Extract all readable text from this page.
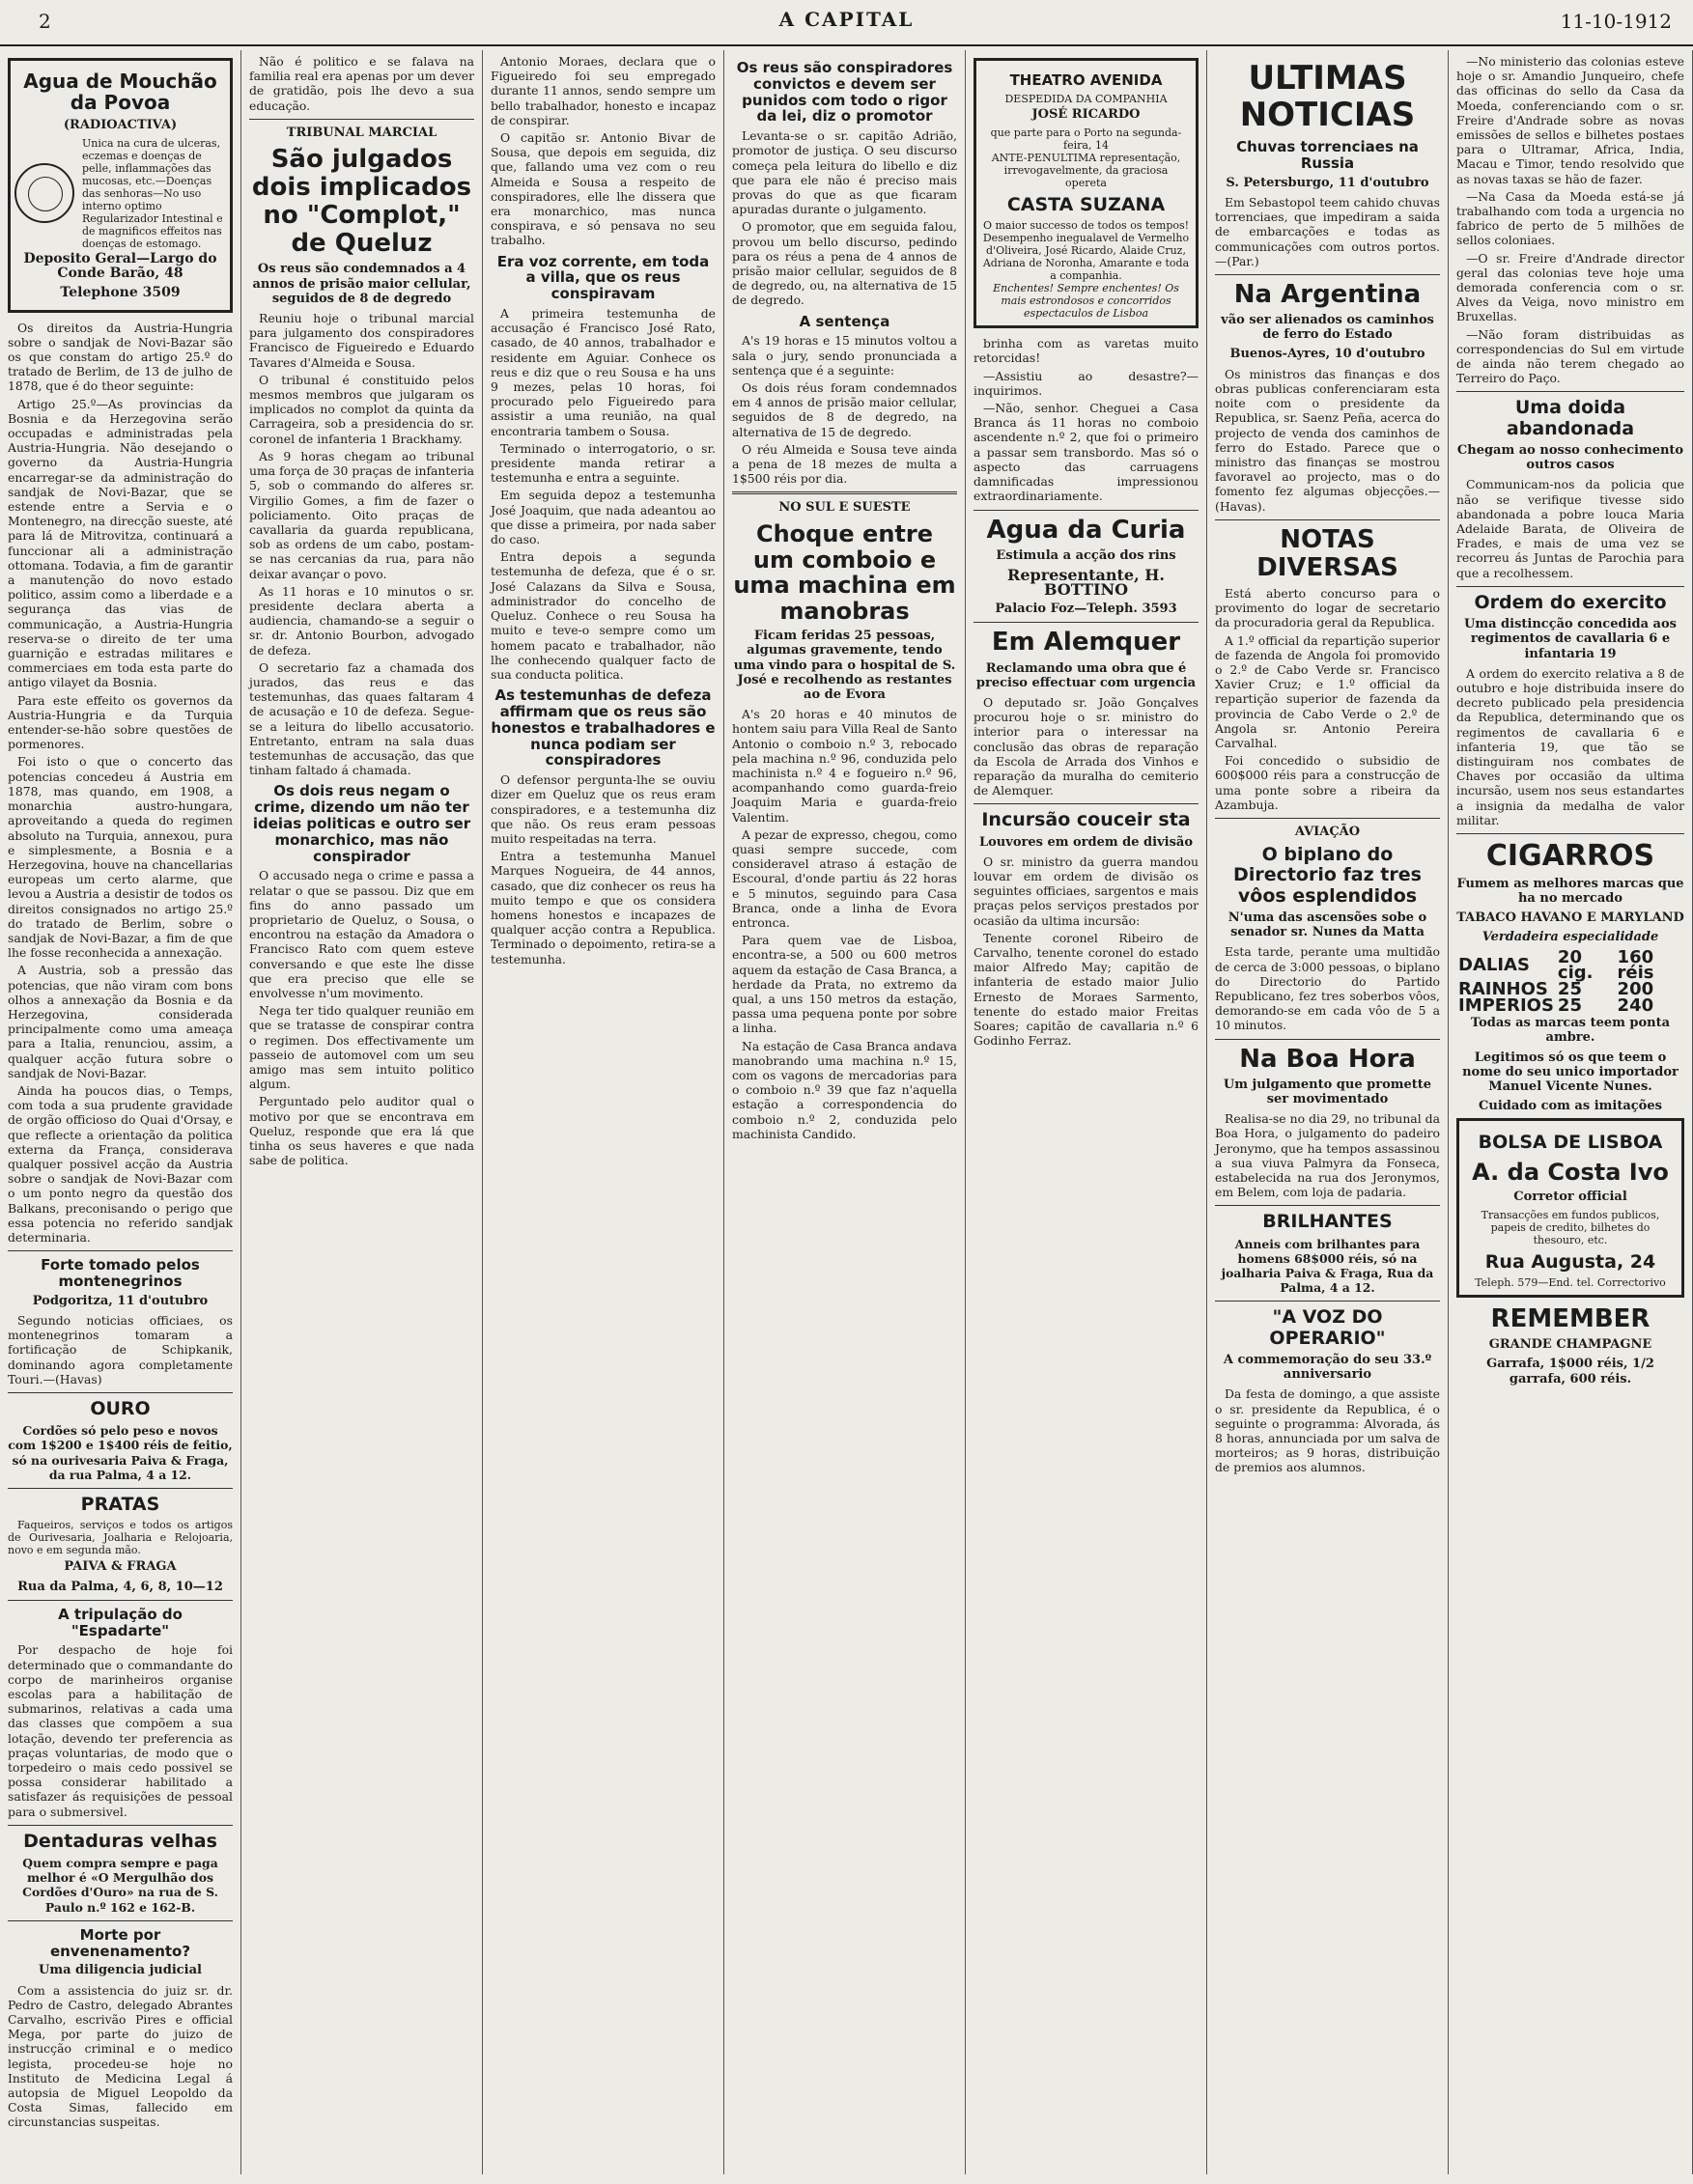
2	A CAPITAL	11-10-1912
Agua de Mouchão da Povoa
(RADIOACTIVA)
Unica na cura de ulceras, eczemas e doenças de pelle, inflammações das mucosas, etc.—Doenças das senhoras—No uso interno optimo Regularizador Intestinal e de magnificos effeitos nas doenças de estomago.
Deposito Geral—Largo do Conde Barão, 48
Telephone 3509

Os direitos da Austria-Hungria sobre o sandjak de Novi-Bazar são os que constam do artigo 25.º do tratado de Berlim, de 13 de julho de 1878, que é do theor seguinte:

Artigo 25.º—As provincias da Bosnia e da Herzegovina serão occupadas e administradas pela Austria-Hungria. Não desejando o governo da Austria-Hungria encarregar-se da administração do sandjak de Novi-Bazar, que se estende entre a Servia e o Montenegro, na direcção sueste, até para lá de Mitrovitza, continuará a funccionar ali a administração ottomana. Todavia, a fim de garantir a manutenção do novo estado politico, assim como a liberdade e a segurança das vias de communicação, a Austria-Hungria reserva-se o direito de ter uma guarnição e estradas militares e commerciaes em toda esta parte do antigo vilayet da Bosnia.

Para este effeito os governos da Austria-Hungria e da Turquia entender-se-hão sobre questões de pormenores.

Foi isto o que o concerto das potencias concedeu á Austria em 1878, mas quando, em 1908, a monarchia austro-hungara, aproveitando a queda do regimen absoluto na Turquia, annexou, pura e simplesmente, a Bosnia e a Herzegovina, houve na chancellarias europeas um certo alarme, que levou a Austria a desistir de todos os direitos consignados no artigo 25.º do tratado de Berlim, sobre o sandjak de Novi-Bazar, a fim de que lhe fosse reconhecida a annexação.

A Austria, sob a pressão das potencias, que não viram com bons olhos a annexação da Bosnia e da Herzegovina, considerada principalmente como uma ameaça para a Italia, renunciou, assim, a qualquer acção futura sobre o sandjak de Novi-Bazar.

Ainda ha poucos dias, o Temps, com toda a sua prudente gravidade de orgão officioso do Quai d'Orsay, e que reflecte a orientação da politica externa da França, considerava qualquer possivel acção da Austria sobre o sandjak de Novi-Bazar com o um ponto negro da questão dos Balkans, preconisando o perigo que essa potencia no referido sandjak determinaria.

Forte tomado pelos montenegrinos
Podgoritza, 11 d'outubro

Segundo noticias officiaes, os montenegrinos tomaram a fortificação de Schipkanik, dominando agora completamente Touri.—(Havas)

OURO

Cordões só pelo peso e novos com 1$200 e 1$400 réis de feitio, só na ourivesaria Paiva & Fraga, da rua Palma, 4 a 12.

PRATAS

Faqueiros, serviços e todos os artigos de Ourivesaria, Joalharia e Relojoaria, novo e em segunda mão.

PAIVA & FRAGA
Rua da Palma, 4, 6, 8, 10—12
A tripulação do "Espadarte"

Por despacho de hoje foi determinado que o commandante do corpo de marinheiros organise escolas para a habilitação de submarinos, relativas a cada uma das classes que compõem a sua lotação, devendo ter preferencia as praças voluntarias, de modo que o torpedeiro o mais cedo possivel se possa considerar habilitado a satisfazer ás requisições de pessoal para o submersivel.

Dentaduras velhas

Quem compra sempre e paga melhor é «O Mergulhão dos Cordões d'Ouro» na rua de S. Paulo n.º 162 e 162-B.

Morte por envenenamento?
Uma diligencia judicial

Com a assistencia do juiz sr. dr. Pedro de Castro, delegado Abrantes Carvalho, escrivão Pires e official Mega, por parte do juizo de instrucção criminal e o medico legista, procedeu-se hoje no Instituto de Medicina Legal á autopsia de Miguel Leopoldo da Costa Simas, fallecido em circunstancias suspeitas.

Não é politico e se falava na familia real era apenas por um dever de gratidão, pois lhe devo a sua educação.

TRIBUNAL MARCIAL
São julgados dois implicados no "Complot," de Queluz
Os reus são condemnados a 4 annos de prisão maior cellular, seguidos de 8 de degredo

Reuniu hoje o tribunal marcial para julgamento dos conspiradores Francisco de Figueiredo e Eduardo Tavares d'Almeida e Sousa.

O tribunal é constituido pelos mesmos membros que julgaram os implicados no complot da quinta da Carrageira, sob a presidencia do sr. coronel de infanteria 1 Brackhamy.

As 9 horas chegam ao tribunal uma força de 30 praças de infanteria 5, sob o commando do alferes sr. Virgilio Gomes, a fim de fazer o policiamento. Oito praças de cavallaria da guarda republicana, sob as ordens de um cabo, postam-se nas cercanias da rua, para não deixar avançar o povo.

As 11 horas e 10 minutos o sr. presidente declara aberta a audiencia, chamando-se a seguir o sr. dr. Antonio Bourbon, advogado de defeza.

O secretario faz a chamada dos jurados, das reus e das testemunhas, das quaes faltaram 4 de acusação e 10 de defeza. Segue-se a leitura do libello accusatorio. Entretanto, entram na sala duas testemunhas de accusação, das que tinham faltado á chamada.

Os dois reus negam o crime, dizendo um não ter ideias politicas e outro ser monarchico, mas não conspirador

O accusado nega o crime e passa a relatar o que se passou. Diz que em fins do anno passado um proprietario de Queluz, o Sousa, o encontrou na estação da Amadora o Francisco Rato com quem esteve conversando e que este lhe disse que era preciso que elle se envolvesse n'um movimento.

Nega ter tido qualquer reunião em que se tratasse de conspirar contra o regimen. Dos effectivamente um passeio de automovel com um seu amigo mas sem intuito politico algum.

Perguntado pelo auditor qual o motivo por que se encontrava em Queluz, responde que era lá que tinha os seus haveres e que nada sabe de politica.

Antonio Moraes, declara que o Figueiredo foi seu empregado durante 11 annos, sendo sempre um bello trabalhador, honesto e incapaz de conspirar.

O capitão sr. Antonio Bivar de Sousa, que depois em seguida, diz que, fallando uma vez com o reu Almeida e Sousa a respeito de conspiradores, elle lhe dissera que era monarchico, mas nunca conspirava, e só pensava no seu trabalho.

Era voz corrente, em toda a villa, que os reus conspiravam

A primeira testemunha de accusação é Francisco José Rato, casado, de 40 annos, trabalhador e residente em Aguiar. Conhece os reus e diz que o reu Sousa e ha uns 9 mezes, pelas 10 horas, foi procurado pelo Figueiredo para assistir a uma reunião, na qual encontraria tambem o Sousa.

Terminado o interrogatorio, o sr. presidente manda retirar a testemunha e entra a seguinte.

Em seguida depoz a testemunha José Joaquim, que nada adeantou ao que disse a primeira, por nada saber do caso.

Entra depois a segunda testemunha de defeza, que é o sr. José Calazans da Silva e Sousa, administrador do concelho de Queluz. Conhece o reu Sousa ha muito e teve-o sempre como um homem pacato e trabalhador, não lhe conhecendo qualquer facto de sua conducta politica.

As testemunhas de defeza affirmam que os reus são honestos e trabalhadores e nunca podiam ser conspiradores

O defensor pergunta-lhe se ouviu dizer em Queluz que os reus eram conspiradores, e a testemunha diz que não. Os reus eram pessoas muito respeitadas na terra.

Entra a testemunha Manuel Marques Nogueira, de 44 annos, casado, que diz conhecer os reus ha muito tempo e que os considera homens honestos e incapazes de qualquer acção contra a Republica. Terminado o depoimento, retira-se a testemunha.

Os reus são conspiradores convictos e devem ser punidos com todo o rigor da lei, diz o promotor

Levanta-se o sr. capitão Adrião, promotor de justiça. O seu discurso começa pela leitura do libello e diz que para ele não é preciso mais provas do que as que ficaram apuradas durante o julgamento.

O promotor, que em seguida falou, provou um bello discurso, pedindo para os réus a pena de 4 annos de prisão maior cellular, seguidos de 8 de degredo, ou, na alternativa de 15 de degredo.

A sentença

A's 19 horas e 15 minutos voltou a sala o jury, sendo pronunciada a sentença que é a seguinte:

Os dois réus foram condemnados em 4 annos de prisão maior cellular, seguidos de 8 de degredo, na alternativa de 15 de degredo.

O réu Almeida e Sousa teve ainda a pena de 18 mezes de multa a 1$500 réis por dia.

NO SUL E SUESTE
Choque entre um comboio e uma machina em manobras
Ficam feridas 25 pessoas, algumas gravemente, tendo uma vindo para o hospital de S. José e recolhendo as restantes ao de Evora

A's 20 horas e 40 minutos de hontem saiu para Villa Real de Santo Antonio o comboio n.º 3, rebocado pela machina n.º 96, conduzida pelo machinista n.º 4 e fogueiro n.º 96, acompanhando como guarda-freio Joaquim Maria e guarda-freio Valentim.

A pezar de expresso, chegou, como quasi sempre succede, com consideravel atraso á estação de Escoural, d'onde partiu ás 22 horas e 5 minutos, seguindo para Casa Branca, onde a linha de Evora entronca.

Para quem vae de Lisboa, encontra-se, a 500 ou 600 metros aquem da estação de Casa Branca, a herdade da Prata, no extremo da qual, a uns 150 metros da estação, passa uma pequena ponte por sobre a linha.

Na estação de Casa Branca andava manobrando uma machina n.º 15, com os vagons de mercadorias para o comboio n.º 39 que faz n'aquella estação a correspondencia do comboio n.º 2, conduzida pelo machinista Candido.

THEATRO AVENIDA
DESPEDIDA DA COMPANHIA
JOSÉ RICARDO
que parte para o Porto na segunda-feira, 14
ANTE-PENULTIMA representação, irrevogavelmente, da graciosa opereta
CASTA SUZANA
O maior successo de todos os tempos! Desempenho inegualavel de Vermelho d'Oliveira, José Ricardo, Alaide Cruz, Adriana de Noronha, Amarante e toda a companhia.
Enchentes! Sempre enchentes! Os mais estrondosos e concorridos espectaculos de Lisboa

brinha com as varetas muito retorcidas!

—Assistiu ao desastre?—inquirimos.

—Não, senhor. Cheguei a Casa Branca ás 11 horas no comboio ascendente n.º 2, que foi o primeiro a passar sem transbordo. Mas só o aspecto das carruagens damnificadas impressionou extraordinariamente.

Agua da Curia
Estimula a acção dos rins
Representante, H. BOTTINO
Palacio Foz—Teleph. 3593
Em Alemquer
Reclamando uma obra que é preciso effectuar com urgencia

O deputado sr. João Gonçalves procurou hoje o sr. ministro do interior para o interessar na conclusão das obras de reparação da Escola de Arrada dos Vinhos e reparação da muralha do cemiterio de Alemquer.

Incursão couceir sta
Louvores em ordem de divisão

O sr. ministro da guerra mandou louvar em ordem de divisão os seguintes officiaes, sargentos e mais praças pelos serviços prestados por ocasião da ultima incursão:

Tenente coronel Ribeiro de Carvalho, tenente coronel do estado maior Alfredo May; capitão de infanteria de estado maior Julio Ernesto de Moraes Sarmento, tenente do estado maior Freitas Soares; capitão de cavallaria n.º 6 Godinho Ferraz.

ULTIMAS NOTICIAS
Chuvas torrenciaes na Russia
S. Petersburgo, 11 d'outubro

Em Sebastopol teem cahido chuvas torrenciaes, que impediram a saida de embarcações e todas as communicações com outros portos.—(Par.)

Na Argentina
vão ser alienados os caminhos de ferro do Estado
Buenos-Ayres, 10 d'outubro

Os ministros das finanças e dos obras publicas conferenciaram esta noite com o presidente da Republica, sr. Saenz Peña, acerca do projecto de venda dos caminhos de ferro do Estado. Parece que o ministro das finanças se mostrou favoravel ao projecto, mas o do fomento fez algumas objecções.—(Havas).

NOTAS DIVERSAS

Está aberto concurso para o provimento do logar de secretario da procuradoria geral da Republica.

A 1.º official da repartição superior de fazenda de Angola foi promovido o 2.º de Cabo Verde sr. Francisco Xavier Cruz; e 1.º official da repartição superior de fazenda da provincia de Cabo Verde o 2.º de Angola sr. Antonio Pereira Carvalhal.

Foi concedido o subsidio de 600$000 réis para a construcção de uma ponte sobre a ribeira da Azambuja.

AVIAÇÃO
O biplano do Directorio faz tres vôos esplendidos
N'uma das ascensões sobe o senador sr. Nunes da Matta

Esta tarde, perante uma multidão de cerca de 3:000 pessoas, o biplano do Directorio do Partido Republicano, fez tres soberbos vôos, demorando-se em cada vôo de 5 a 10 minutos.

Na Boa Hora
Um julgamento que promette ser movimentado

Realisa-se no dia 29, no tribunal da Boa Hora, o julgamento do padeiro Jeronymo, que ha tempos assassinou a sua viuva Palmyra da Fonseca, estabelecida na rua dos Jeronymos, em Belem, com loja de padaria.

BRILHANTES

Anneis com brilhantes para homens 68$000 réis, só na joalharia Paiva & Fraga, Rua da Palma, 4 a 12.

"A VOZ DO OPERARIO"
A commemoração do seu 33.º anniversario

Da festa de domingo, a que assiste o sr. presidente da Republica, é o seguinte o programma: Alvorada, ás 8 horas, annunciada por um salva de morteiros; as 9 horas, distribuição de premios aos alumnos.

—No ministerio das colonias esteve hoje o sr. Amandio Junqueiro, chefe das officinas do sello da Casa da Moeda, conferenciando com o sr. Freire d'Andrade sobre as novas emissões de sellos e bilhetes postaes para o Ultramar, Africa, India, Macau e Timor, tendo resolvido que as novas taxas se hão de fazer.

—Na Casa da Moeda está-se já trabalhando com toda a urgencia no fabrico de perto de 5 milhões de sellos coloniaes.

—O sr. Freire d'Andrade director geral das colonias teve hoje uma demorada conferencia com o sr. Alves da Veiga, novo ministro em Bruxellas.

—Não foram distribuidas as correspondencias do Sul em virtude de ainda não terem chegado ao Terreiro do Paço.

Uma doida abandonada
Chegam ao nosso conhecimento outros casos

Communicam-nos da policia que não se verifique tivesse sido abandonada a pobre louca Maria Adelaide Barata, de Oliveira de Frades, e mais de uma vez se recorreu ás Juntas de Parochia para que a recolhessem.

Ordem do exercito
Uma distincção concedida aos regimentos de cavallaria 6 e infantaria 19

A ordem do exercito relativa a 8 de outubro e hoje distribuida insere do decreto publicado pela presidencia da Republica, determinando que os regimentos de cavallaria 6 e infanteria 19, que tão se distinguiram nos combates de Chaves por occasião da ultima incursão, usem nos seus estandartes a insignia da medalha de valor militar.

CIGARROS
Fumem as melhores marcas que ha no mercado
TABACO HAVANO E MARYLAND
Verdadeira especialidade
DALIAS	20 cig.	160 réis
RAINHOS	25	200
IMPERIOS	25	240
Todas as marcas teem ponta ambre.
Legitimos só os que teem o nome do seu unico importador Manuel Vicente Nunes.
Cuidado com as imitações
BOLSA DE LISBOA
A. da Costa Ivo
Corretor official
Transacções em fundos publicos, papeis de credito, bilhetes do thesouro, etc.
Rua Augusta, 24
Teleph. 579—End. tel. Correctorivo
REMEMBER
GRANDE CHAMPAGNE
Garrafa, 1$000 réis, 1/2 garrafa, 600 réis.
